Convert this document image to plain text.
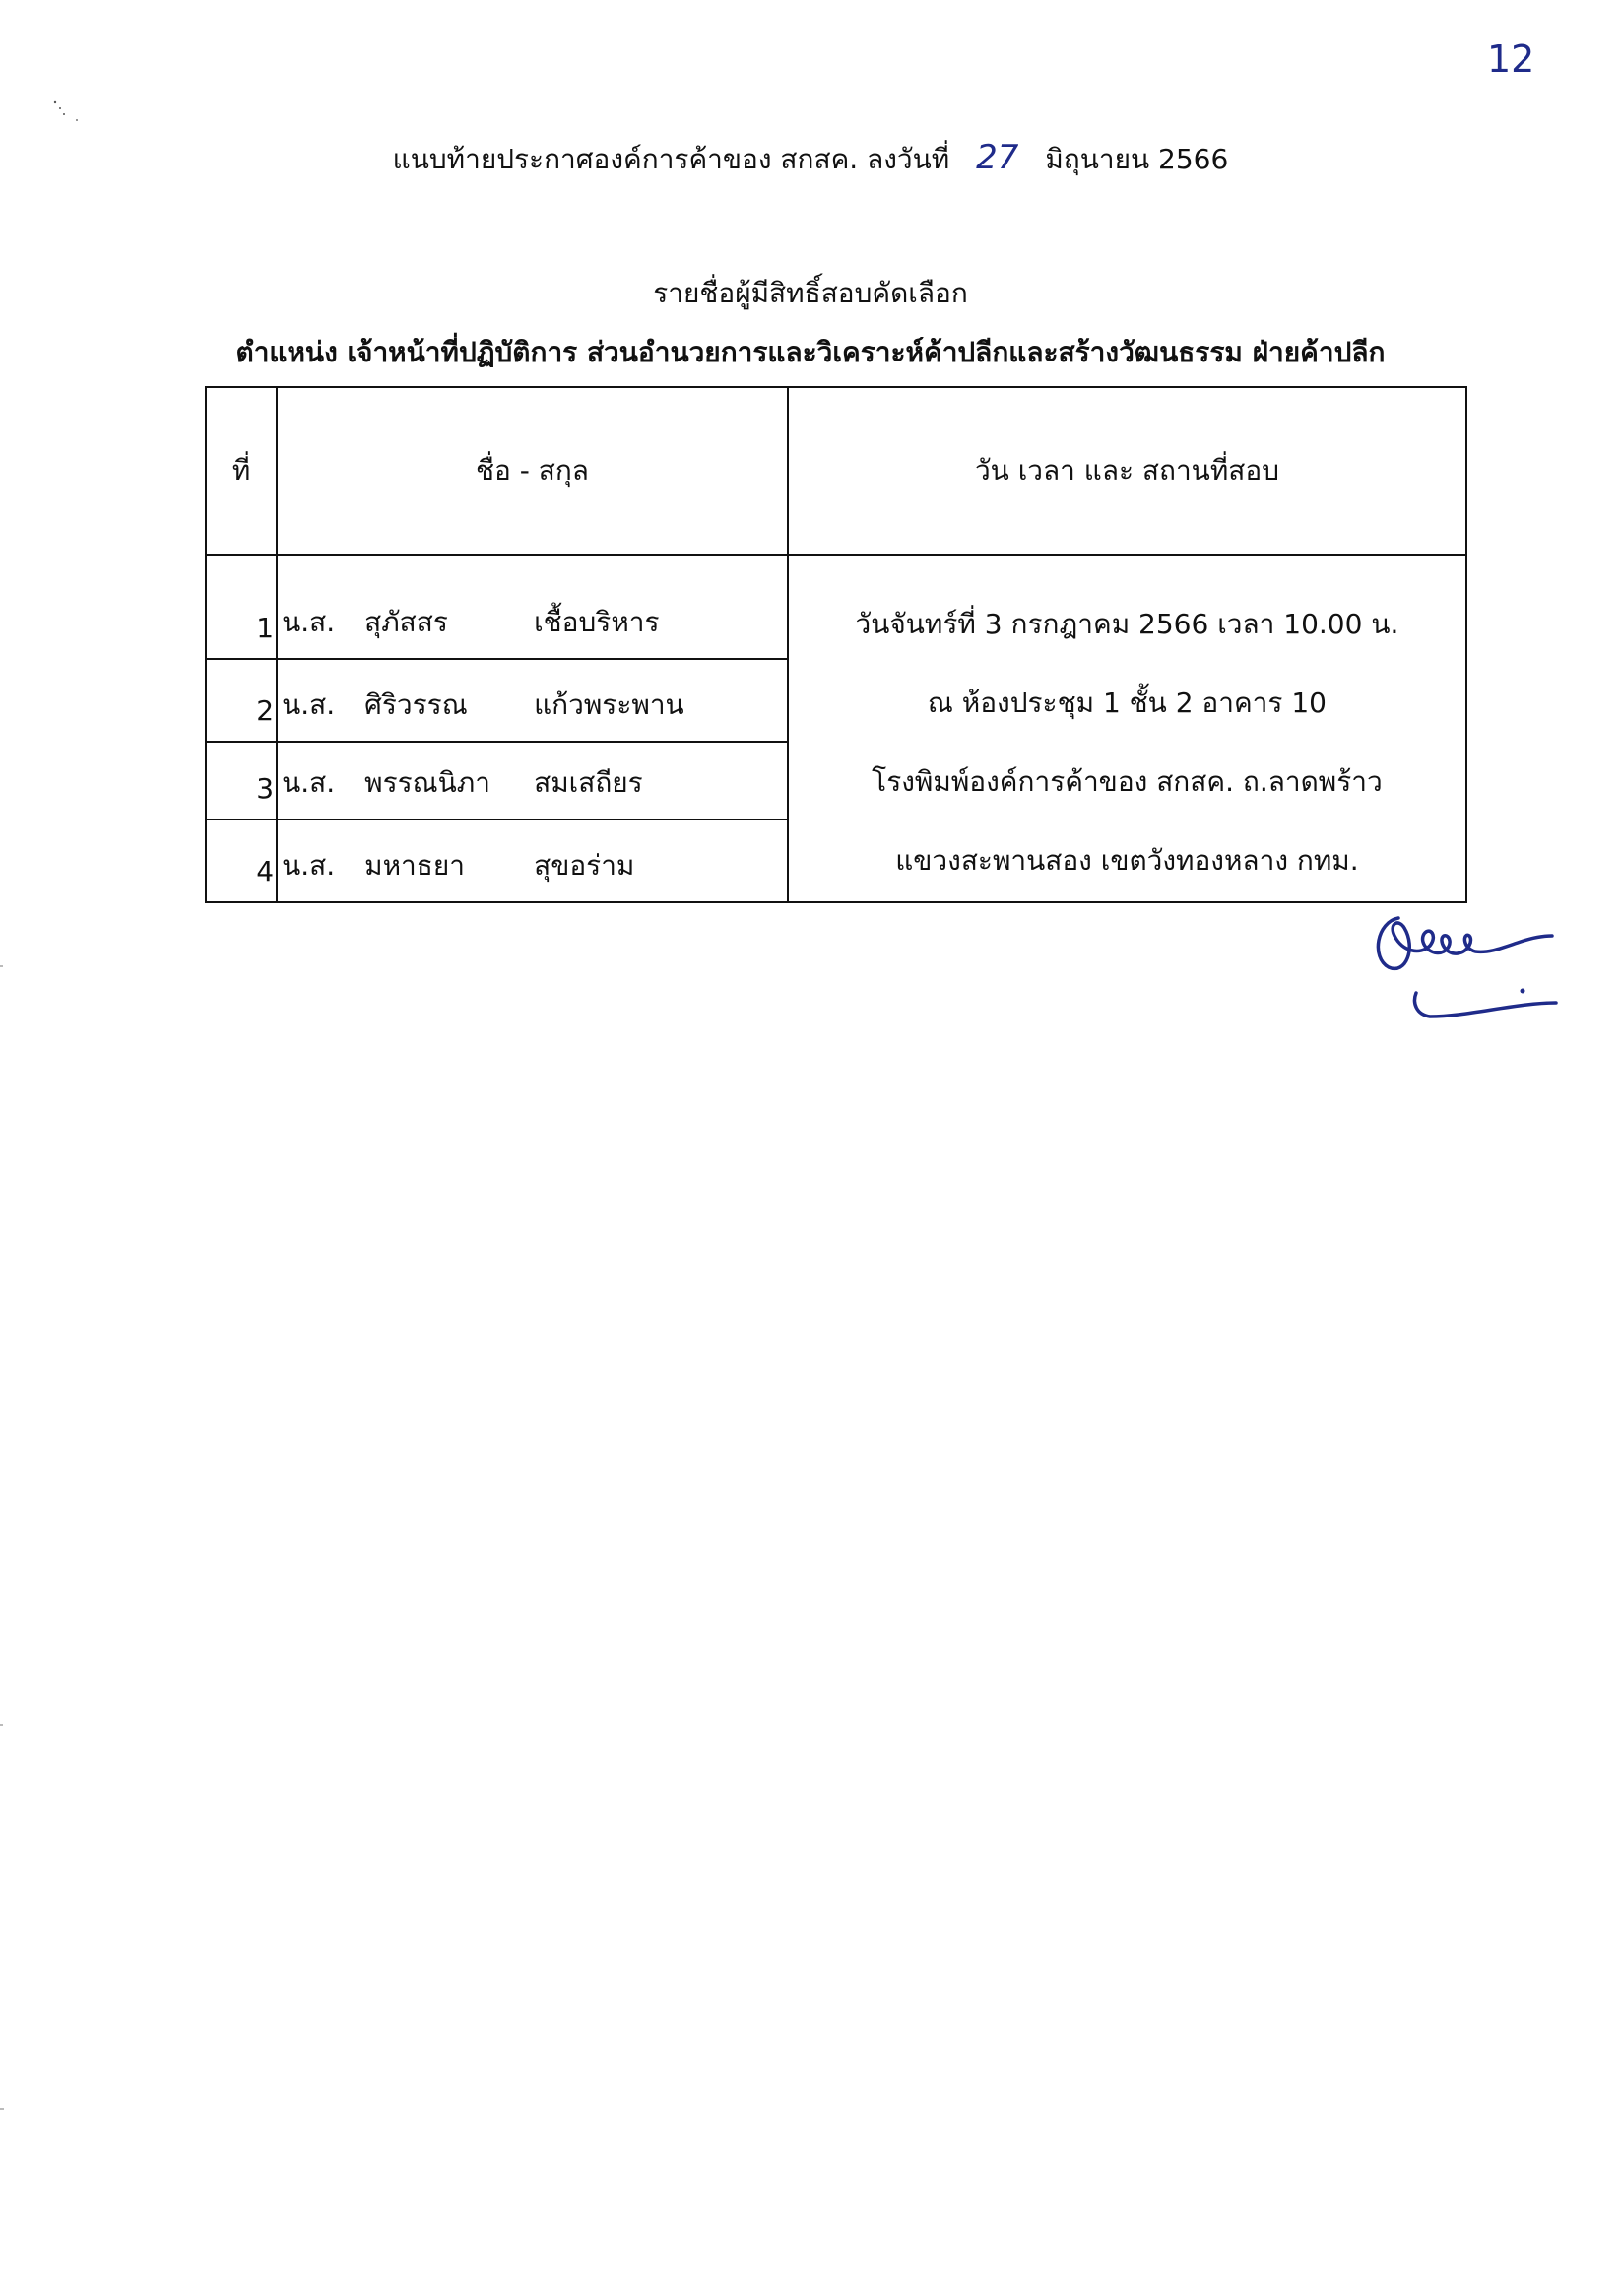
12
แนบท้ายประกาศองค์การค้าของ สกสค. ลงวันที่ 27 มิถุนายน 2566
รายชื่อผู้มีสิทธิ์สอบคัดเลือก
ตำแหน่ง เจ้าหน้าที่ปฏิบัติการ ส่วนอำนวยการและวิเคราะห์ค้าปลีกและสร้างวัฒนธรรม ฝ่ายค้าปลีก
ที่	ชื่อ - สกุล	วัน เวลา และ สถานที่สอบ
1	น.ส. สุภัสสร เชื้อบริหาร	วันจันทร์ที่ 3 กรกฎาคม 2566 เวลา 10.00 น.
ณ ห้องประชุม 1 ชั้น 2 อาคาร 10
โรงพิมพ์องค์การค้าของ สกสค. ถ.ลาดพร้าว
แขวงสะพานสอง เขตวังทองหลาง กทม.

2	น.ส. ศิริวรรณ แก้วพระพาน	
3	น.ส. พรรณนิภา สมเสถียร	
4	น.ส. มหาธยา สุขอร่าม	
